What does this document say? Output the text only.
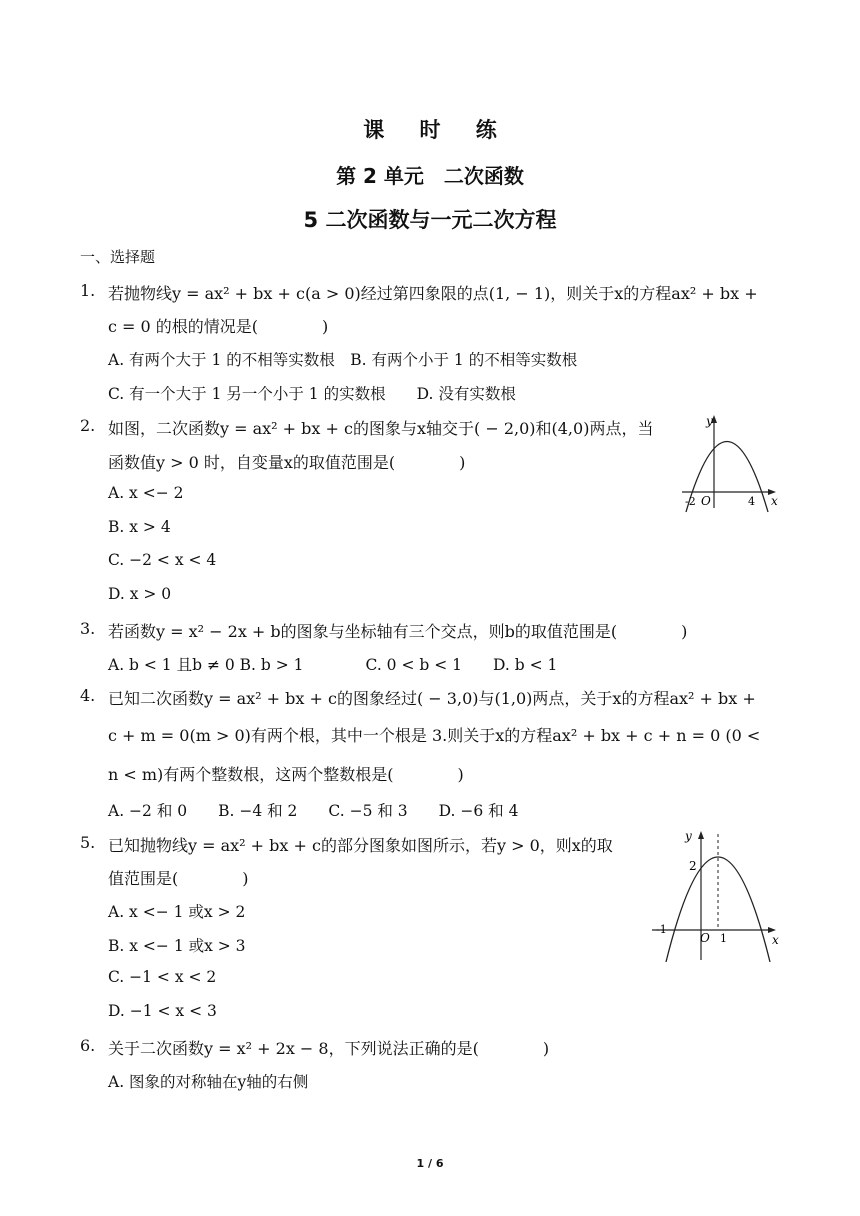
课 时 练
第 2 单元　二次函数
5 二次函数与一元二次方程
一、选择题
1. 若抛物线y = ax² + bx + c(a > 0)经过第四象限的点(1, − 1)，则关于x的方程ax² + bx +
c = 0 的根的情况是(　　　　)
A. 有两个大于 1 的不相等实数根　B. 有两个小于 1 的不相等实数根
C. 有一个大于 1 另一个小于 1 的实数根　　D. 没有实数根
2. 如图，二次函数y = ax² + bx + c的图象与x轴交于( − 2,0)和(4,0)两点，当
函数值y > 0 时，自变量x的取值范围是(　　　　)
A. x <− 2
B. x > 4
C. −2 < x < 4
D. x > 0
y
x
-2 O	4
3. 若函数y = x² − 2x + b的图象与坐标轴有三个交点，则b的取值范围是(　　　　)
A. b < 1 且b ≠ 0 B. b > 1　　　　C. 0 < b < 1　　D. b < 1
4. 已知二次函数y = ax² + bx + c的图象经过( − 3,0)与(1,0)两点，关于x的方程ax² + bx +
c + m = 0(m > 0)有两个根，其中一个根是 3.则关于x的方程ax² + bx + c + n = 0 (0 <
n < m)有两个整数根，这两个整数根是(　　　　)
A. −2 和 0　　B. −4 和 2　　C. −5 和 3　　D. −6 和 4
5. 已知抛物线y = ax² + bx + c的部分图象如图所示，若y > 0，则x的取
值范围是(　　　　)
A. x <− 1 或x > 2
B. x <− 1 或x > 3
C. −1 < x < 2
D. −1 < x < 3
y
x
2
-1
O 1
6. 关于二次函数y = x² + 2x − 8，下列说法正确的是(　　　　)
A. 图象的对称轴在y轴的右侧
1 / 6
